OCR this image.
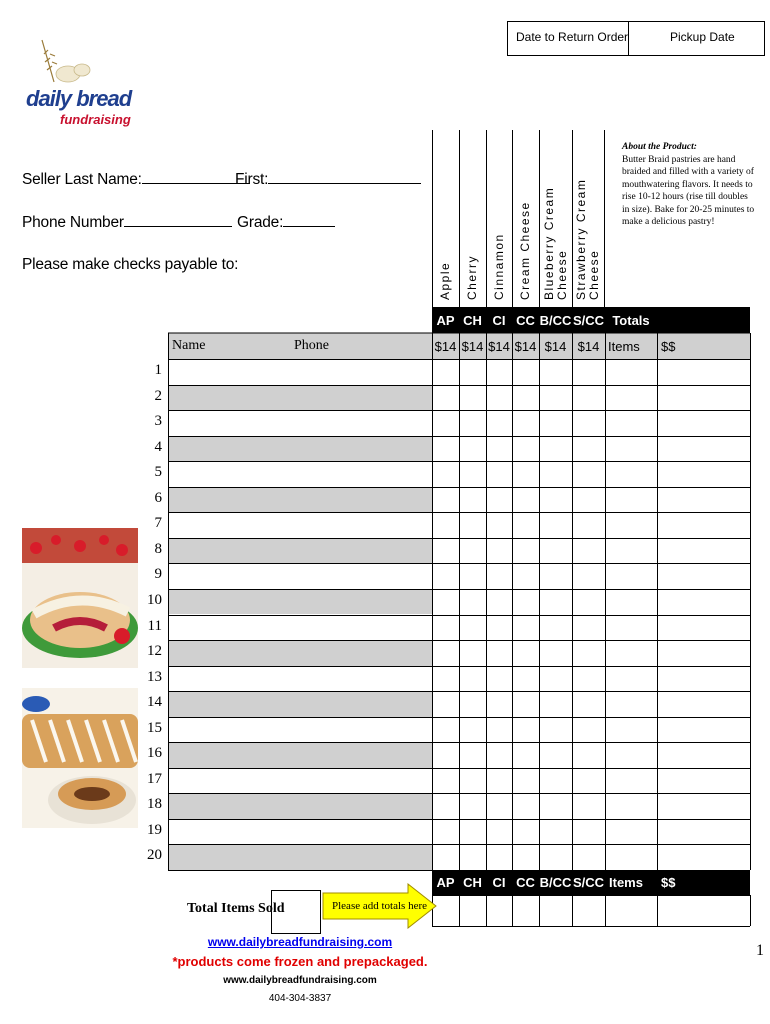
Date to Return Order	Pickup Date
daily bread
fundraising
Seller Last Name:	First:
Phone Number	Grade:
Please make checks payable to:	Apple Cherry Cinnamon Cream Cheese Blueberry Cream Cheese Strawberry Cream Cheese
About the Product:
Butter Braid pastries are hand braided and filled with a variety of mouthwatering flavors. It needs to rise 10-12 hours (rise till doubles in size). Bake for 20-25 minutes to make a delicious pastry!
AP CH CI CC B/CC S/CC Totals
Name	Phone	$14 $14 $14 $14 $14 $14 Items $$
1
2
3
4
5
6
7
8
9
10
11
12
13
14
15
16
17
18
19
20
AP CH CI CC B/CC S/CC Items	$$
Total Items Sold	Please add totals here
www.dailybreadfundraising.com
*products come frozen and prepackaged.
www.dailybreadfundraising.com
404-304-3837
1
